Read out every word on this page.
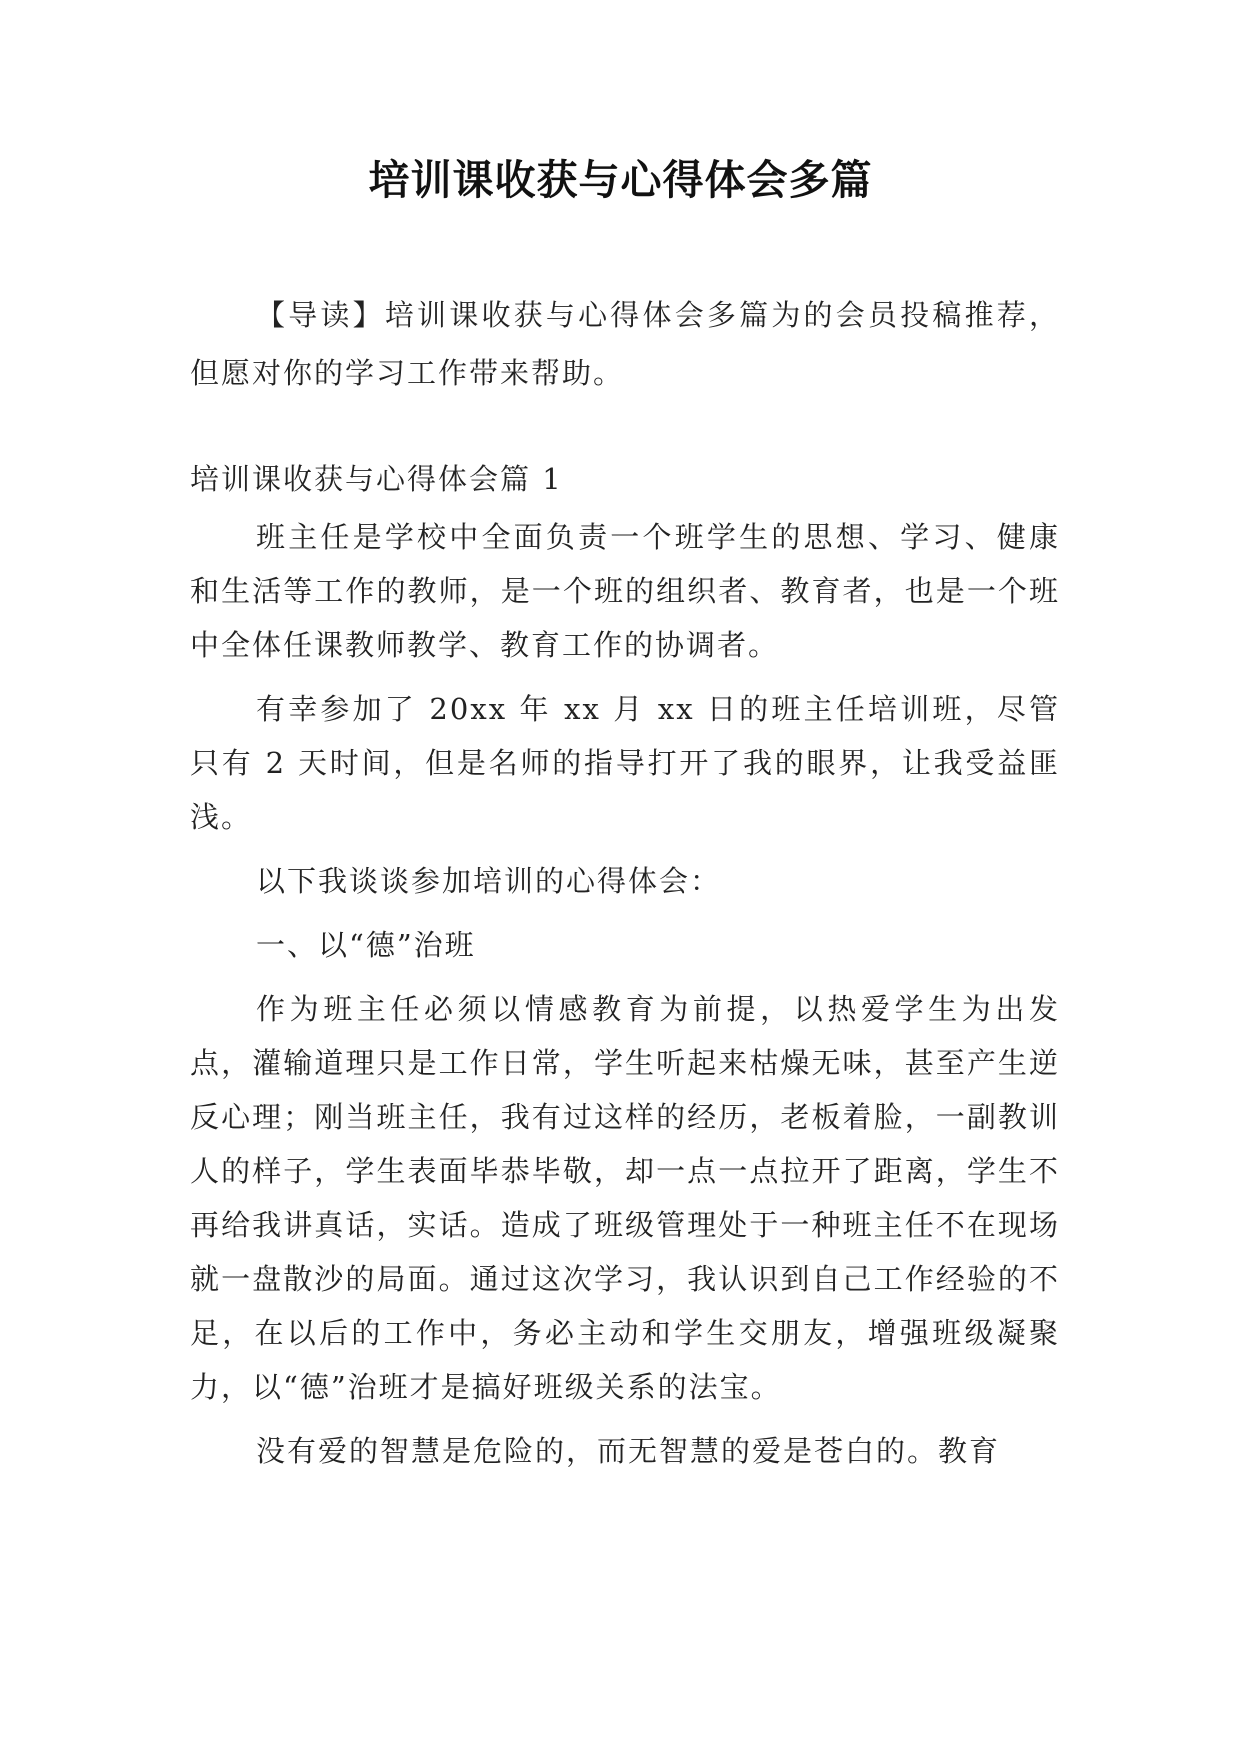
培训课收获与心得体会多篇

【导读】培训课收获与心得体会多篇为的会员投稿推荐，但愿对你的学习工作带来帮助。

培训课收获与心得体会篇 1

班主任是学校中全面负责一个班学生的思想、学习、健康和生活等工作的教师，是一个班的组织者、教育者，也是一个班中全体任课教师教学、教育工作的协调者。

有幸参加了 20xx 年 xx 月 xx 日的班主任培训班，尽管只有 2 天时间，但是名师的指导打开了我的眼界，让我受益匪浅。

以下我谈谈参加培训的心得体会：

一、以“德”治班

作为班主任必须以情感教育为前提，以热爱学生为出发点，灌输道理只是工作日常，学生听起来枯燥无味，甚至产生逆反心理；刚当班主任，我有过这样的经历，老板着脸，一副教训人的样子，学生表面毕恭毕敬，却一点一点拉开了距离，学生不再给我讲真话，实话。造成了班级管理处于一种班主任不在现场就一盘散沙的局面。通过这次学习，我认识到自己工作经验的不足，在以后的工作中，务必主动和学生交朋友，增强班级凝聚力，以“德”治班才是搞好班级关系的法宝。

没有爱的智慧是危险的，而无智慧的爱是苍白的。教育
